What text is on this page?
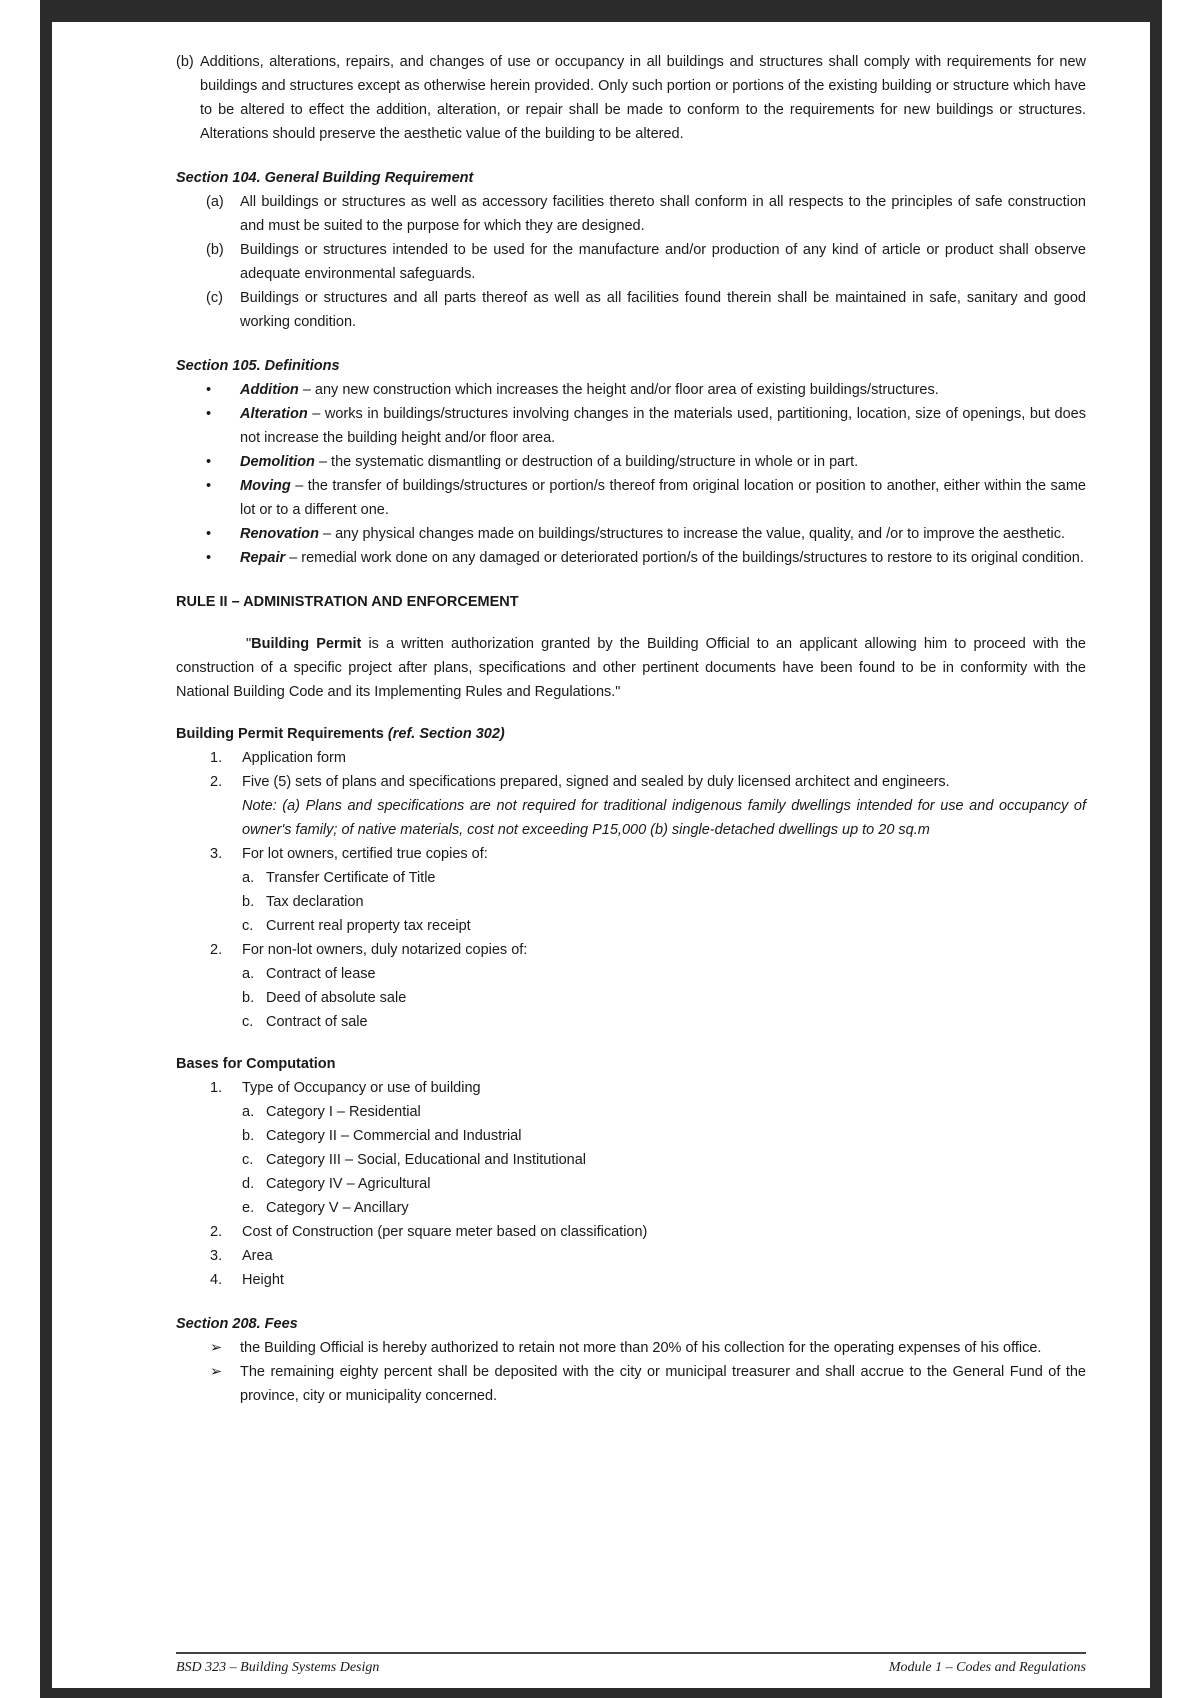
(b) Additions, alterations, repairs, and changes of use or occupancy in all buildings and structures shall comply with requirements for new buildings and structures except as otherwise herein provided. Only such portion or portions of the existing building or structure which have to be altered to effect the addition, alteration, or repair shall be made to conform to the requirements for new buildings or structures. Alterations should preserve the aesthetic value of the building to be altered.

Section 104. General Building Requirement

(a)	All buildings or structures as well as accessory facilities thereto shall conform in all respects to the principles of safe construction and must be suited to the purpose for which they are designed.
(b)	Buildings or structures intended to be used for the manufacture and/or production of any kind of article or product shall observe adequate environmental safeguards.
(c)	Buildings or structures and all parts thereof as well as all facilities found therein shall be maintained in safe, sanitary and good working condition.

Section 105. Definitions

•	Addition – any new construction which increases the height and/or floor area of existing buildings/structures.
•	Alteration – works in buildings/structures involving changes in the materials used, partitioning, location, size of openings, but does not increase the building height and/or floor area.
•	Demolition – the systematic dismantling or destruction of a building/structure in whole or in part.
•	Moving – the transfer of buildings/structures or portion/s thereof from original location or position to another, either within the same lot or to a different one.
•	Renovation – any physical changes made on buildings/structures to increase the value, quality, and /or to improve the aesthetic.
•	Repair – remedial work done on any damaged or deteriorated portion/s of the buildings/structures to restore to its original condition.

RULE II – ADMINISTRATION AND ENFORCEMENT

"Building Permit is a written authorization granted by the Building Official to an applicant allowing him to proceed with the construction of a specific project after plans, specifications and other pertinent documents have been found to be in conformity with the National Building Code and its Implementing Rules and Regulations."

Building Permit Requirements (ref. Section 302)

1.	Application form
2.	Five (5) sets of plans and specifications prepared, signed and sealed by duly licensed architect and engineers.

Note: (a) Plans and specifications are not required for traditional indigenous family dwellings intended for use and occupancy of owner's family; of native materials, cost not exceeding P15,000 (b) single-detached dwellings up to 20 sq.m

3.	For lot owners, certified true copies of:
a. Transfer Certificate of Title
b. Tax declaration
c. Current real property tax receipt
2.	For non-lot owners, duly notarized copies of:
a. Contract of lease
b. Deed of absolute sale
c. Contract of sale

Bases for Computation

1.	Type of Occupancy or use of building
a. Category I – Residential
b. Category II – Commercial and Industrial
c. Category III – Social, Educational and Institutional
d. Category IV – Agricultural
e. Category V – Ancillary
2.	Cost of Construction (per square meter based on classification)
3.	Area
4.	Height

Section 208. Fees

➢	the Building Official is hereby authorized to retain not more than 20% of his collection for the operating expenses of his office.
➢	The remaining eighty percent shall be deposited with the city or municipal treasurer and shall accrue to the General Fund of the province, city or municipality concerned.
BSD 323 – Building Systems Design	Module 1 – Codes and Regulations
